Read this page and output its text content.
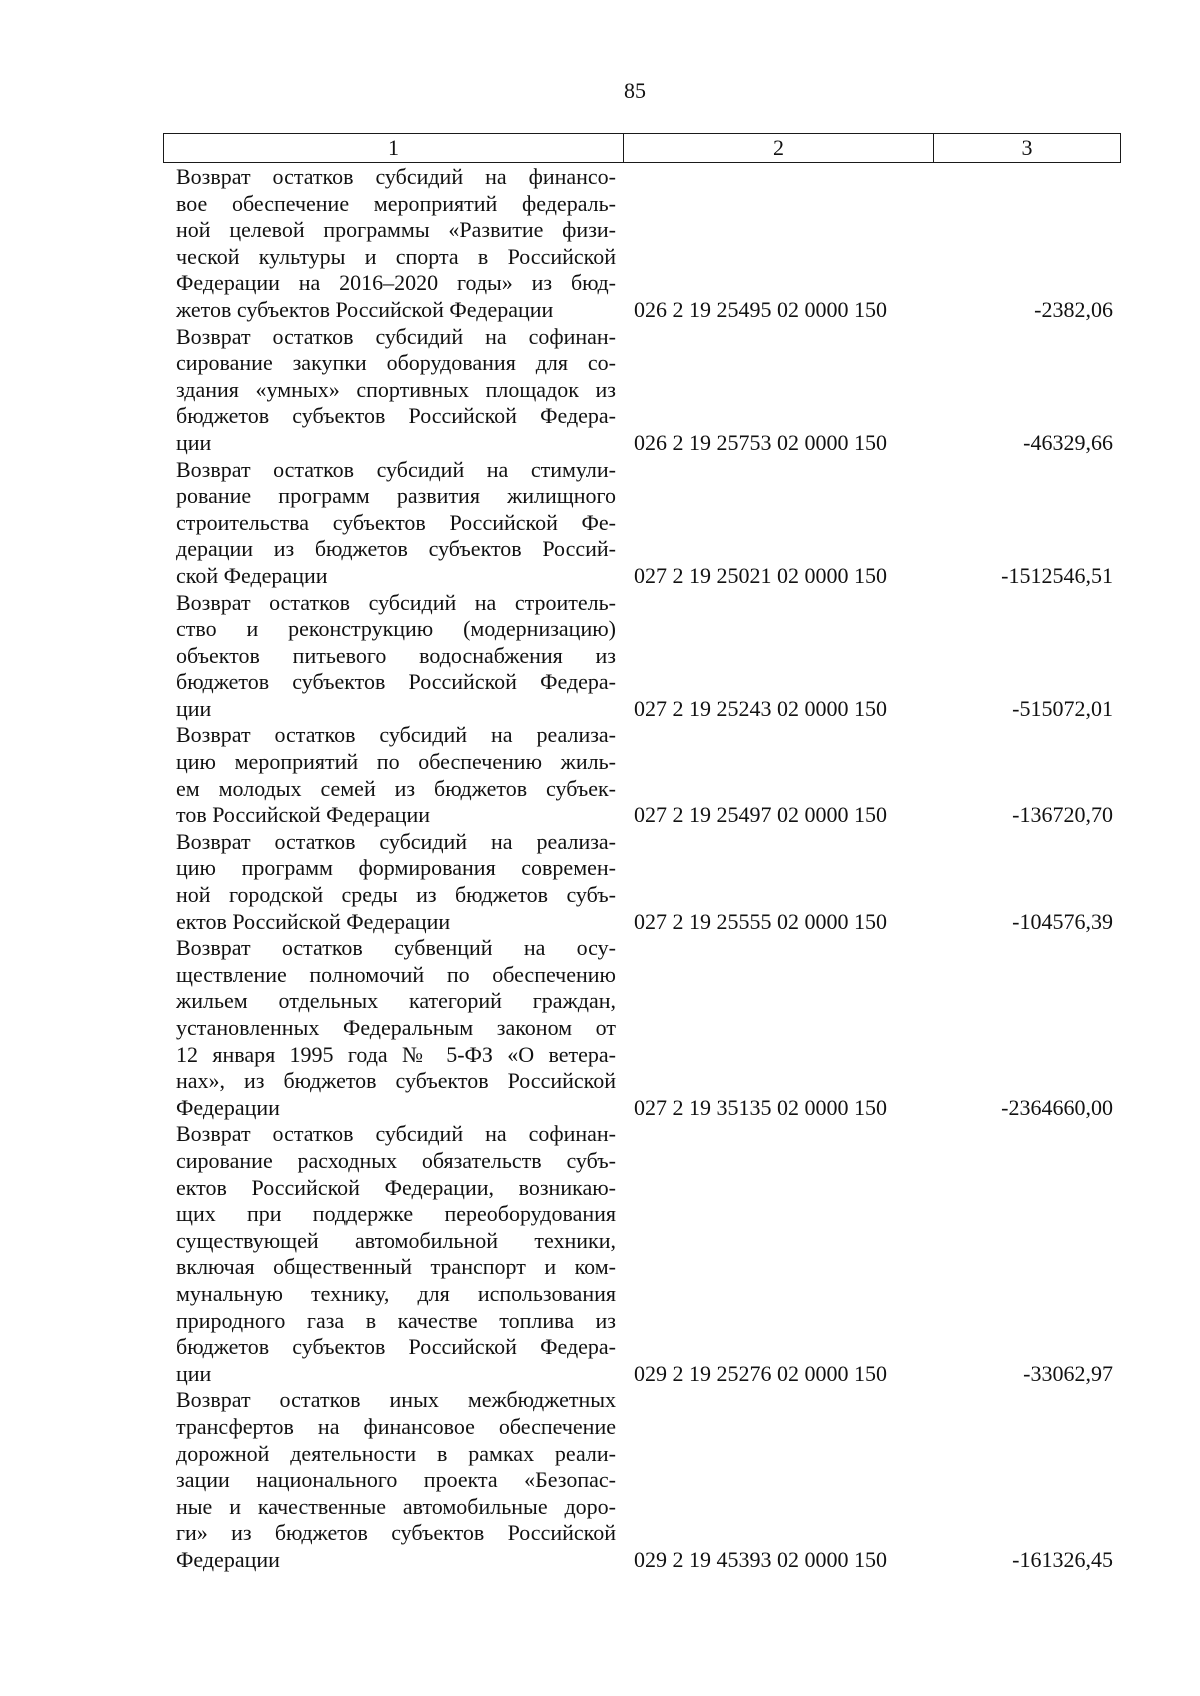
85
1	2	3
Возврат остатков субсидий на финансо-
вое обеспечение мероприятий федераль-
ной целевой программы «Развитие физи-
ческой культуры и спорта в Российской
Федерации на 2016–2020 годы» из бюд-
жетов субъектов Российской Федерации	026 2 19 25495 02 0000 150	-2382,06
Возврат остатков субсидий на софинан-
сирование закупки оборудования для со-
здания «умных» спортивных площадок из
бюджетов субъектов Российской Федера-
ции	026 2 19 25753 02 0000 150	-46329,66
Возврат остатков субсидий на стимули-
рование программ развития жилищного
строительства субъектов Российской Фе-
дерации из бюджетов субъектов Россий-
ской Федерации	027 2 19 25021 02 0000 150	-1512546,51
Возврат остатков субсидий на строитель-
ство и реконструкцию (модернизацию)
объектов питьевого водоснабжения из
бюджетов субъектов Российской Федера-
ции	027 2 19 25243 02 0000 150	-515072,01
Возврат остатков субсидий на реализа-
цию мероприятий по обеспечению жиль-
ем молодых семей из бюджетов субъек-
тов Российской Федерации	027 2 19 25497 02 0000 150	-136720,70
Возврат остатков субсидий на реализа-
цию программ формирования современ-
ной городской среды из бюджетов субъ-
ектов Российской Федерации	027 2 19 25555 02 0000 150	-104576,39
Возврат остатков субвенций на осу-
ществление полномочий по обеспечению
жильем отдельных категорий граждан,
установленных Федеральным законом от
12 января 1995 года № 5-ФЗ «О ветера-
нах», из бюджетов субъектов Российской
Федерации	027 2 19 35135 02 0000 150	-2364660,00
Возврат остатков субсидий на софинан-
сирование расходных обязательств субъ-
ектов Российской Федерации, возникаю-
щих при поддержке переоборудования
существующей автомобильной техники,
включая общественный транспорт и ком-
мунальную технику, для использования
природного газа в качестве топлива из
бюджетов субъектов Российской Федера-
ции	029 2 19 25276 02 0000 150	-33062,97
Возврат остатков иных межбюджетных
трансфертов на финансовое обеспечение
дорожной деятельности в рамках реали-
зации национального проекта «Безопас-
ные и качественные автомобильные доро-
ги» из бюджетов субъектов Российской
Федерации	029 2 19 45393 02 0000 150	-161326,45
